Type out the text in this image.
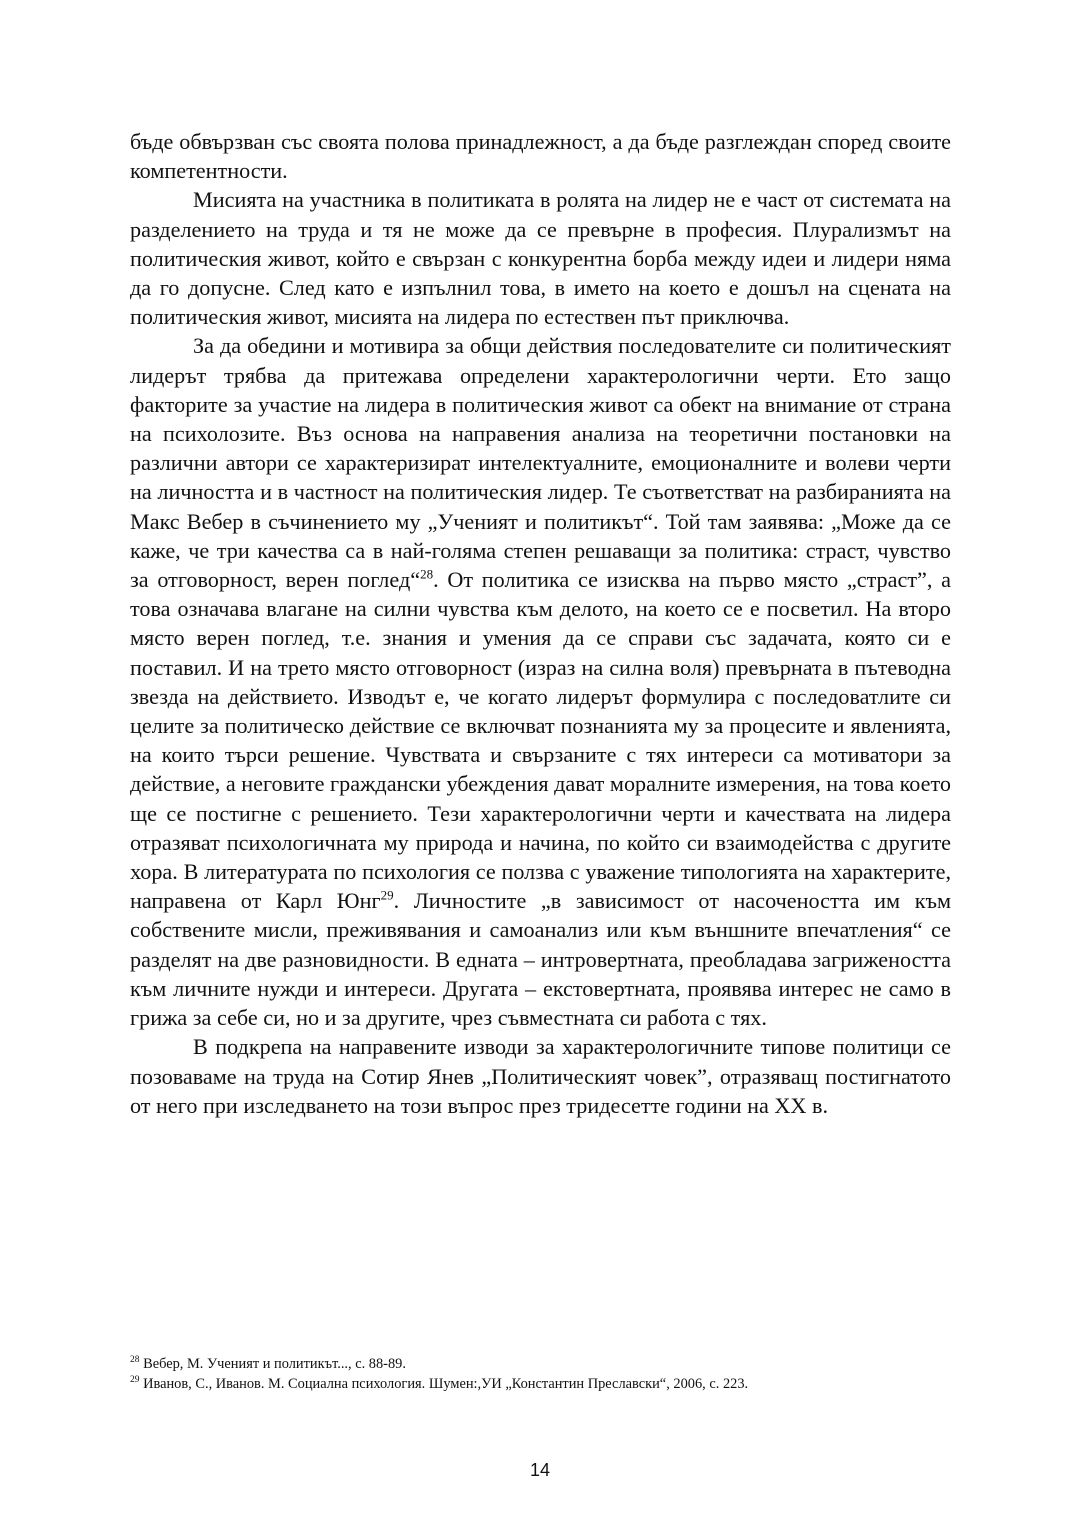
бъде обвързван със своята полова принадлежност, а да бъде разглеждан според своите компетентности.

Мисията на участника в политиката в ролята на лидер не е част от системата на разделението на труда и тя не може да се превърне в професия. Плурализмът на политическия живот, който е свързан с конкурентна борба между идеи и лидери няма да го допусне. След като е изпълнил това, в името на което е дошъл на сцената на политическия живот, мисията на лидера по естествен път приключва.

За да обедини и мотивира за общи действия последователите си политическият лидерът трябва да притежава определени характерологични черти. Ето защо факторите за участие на лидера в политическия живот са обект на внимание от страна на психолозите. Въз основа на направения анализа на теоретични постановки на различни автори се характеризират интелектуалните, емоционалните и волеви черти на личността и в частност на политическия лидер. Те съответстват на разбиранията на Макс Вебер в съчинението му „Ученият и политикът“. Той там заявява: „Може да се каже, че три качества са в най-голяма степен решаващи за политика: страст, чувство за отговорност, верен поглед“$^{28}$. От политика се изисква на първо място „страст”, а това означава влагане на силни чувства към делото, на което се е посветил. На второ място верен поглед, т.е. знания и умения да се справи със задачата, която си е поставил. И на трето място отговорност (израз на силна воля) превърната в пътеводна звезда на действието. Изводът е, че когато лидерът формулира с последоватлите си целите за политическо действие се включват познанията му за процесите и явленията, на които търси решение. Чувствата и свързаните с тях интереси са мотиватори за действие, а неговите граждански убеждения дават моралните измерения, на това което ще се постигне с решението. Тези характерологични черти и качествата на лидера отразяват психологичната му природа и начина, по който си взаимодейства с другите хора. В литературата по психология се ползва с уважение типологията на характерите, направена от Карл Юнг$^{29}$. Личностите „в зависимост от насочеността им към собствените мисли, преживявания и самоанализ или към външните впечатления“ се разделят на две разновидности. В едната – интровертната, преобладава загрижеността към личните нужди и интереси. Другата – екстовертната, проявява интерес не само в грижа за себе си, но и за другите, чрез съвместната си работа с тях.

В подкрепа на направените изводи за характерологичните типове политици се позоваваме на труда на Сотир Янев „Политическият човек”, отразяващ постигнатото от него при изследването на този въпрос през тридесетте години на ХХ в.

$^{28}$ Вебер, М. Ученият и политикът..., с. 88-89.
$^{29}$ Иванов, С., Иванов. М. Социална психология. Шумен:,УИ „Константин Преславски“, 2006, с. 223.
14
